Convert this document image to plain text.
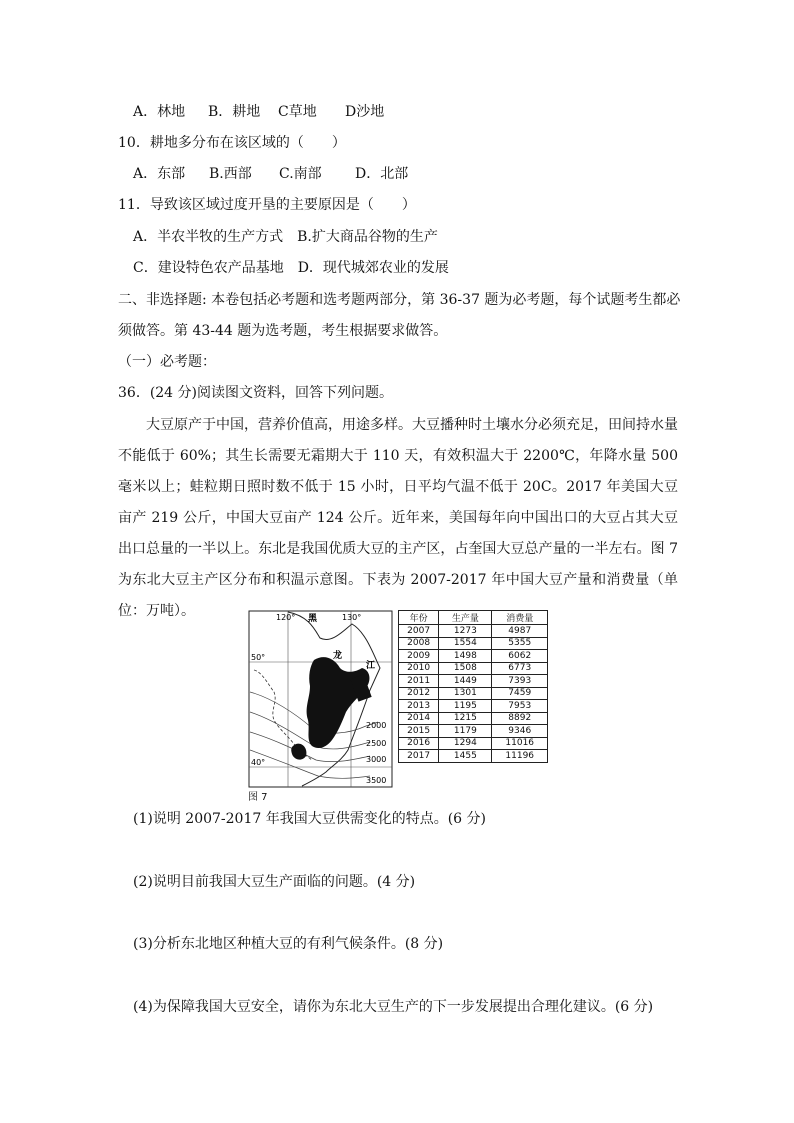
A．林地 B．耕地 C草地 D沙地
10．耕地多分布在该区域的（　　）
A．东部 B.西部 C.南部 D．北部
11．导致该区域过度开垦的主要原因是（　　）
A．半农半牧的生产方式　B.扩大商品谷物的生产
C．建设特色农产品基地　D．现代城郊农业的发展
二、非选择题: 本卷包括必考题和选考题两部分，第 36-37 题为必考题，每个试题考生都必
须做答。第 43-44 题为选考题，考生根据要求做答。
（一）必考题：
36．(24 分)阅读图文资料，回答下列问题。
大豆原产于中国，营养价值高，用途多样。大豆播种时土壤水分必须充足，田间持水量不能低于 60%；其生长需要无霜期大于 110 天，有效积温大于 2200℃，年降水量 500 毫米以上；蛙粒期日照时数不低于 15 小时，日平均气温不低于 20C。2017 年美国大豆亩产 219 公斤，中国大豆亩产 124 公斤。近年来，美国每年向中国出口的大豆占其大豆出口总量的一半以上。东北是我国优质大豆的主产区，占奎国大豆总产量的一半左右。图 7 为东北大豆主产区分布和积温示意图。下表为 2007-2017 年中国大豆产量和消费量（单位：万吨）。	120°	130°
50°
40°
黑
龙
江
2000
2500
3000
3500
图 7
年份	生产量	消费量
2007	1273	4987
2008	1554	5355
2009	1498	6062
2010	1508	6773
2011	1449	7393
2012	1301	7459
2013	1195	7953
2014	1215	8892
2015	1179	9346
2016	1294	11016
2017	1455	11196
(1)说明 2007-2017 年我国大豆供需变化的特点。(6 分)
(2)说明目前我国大豆生产面临的问题。(4 分)
(3)分析东北地区种植大豆的有利气候条件。(8 分)
(4)为保障我国大豆安全，请你为东北大豆生产的下一步发展提出合理化建议。(6 分)
